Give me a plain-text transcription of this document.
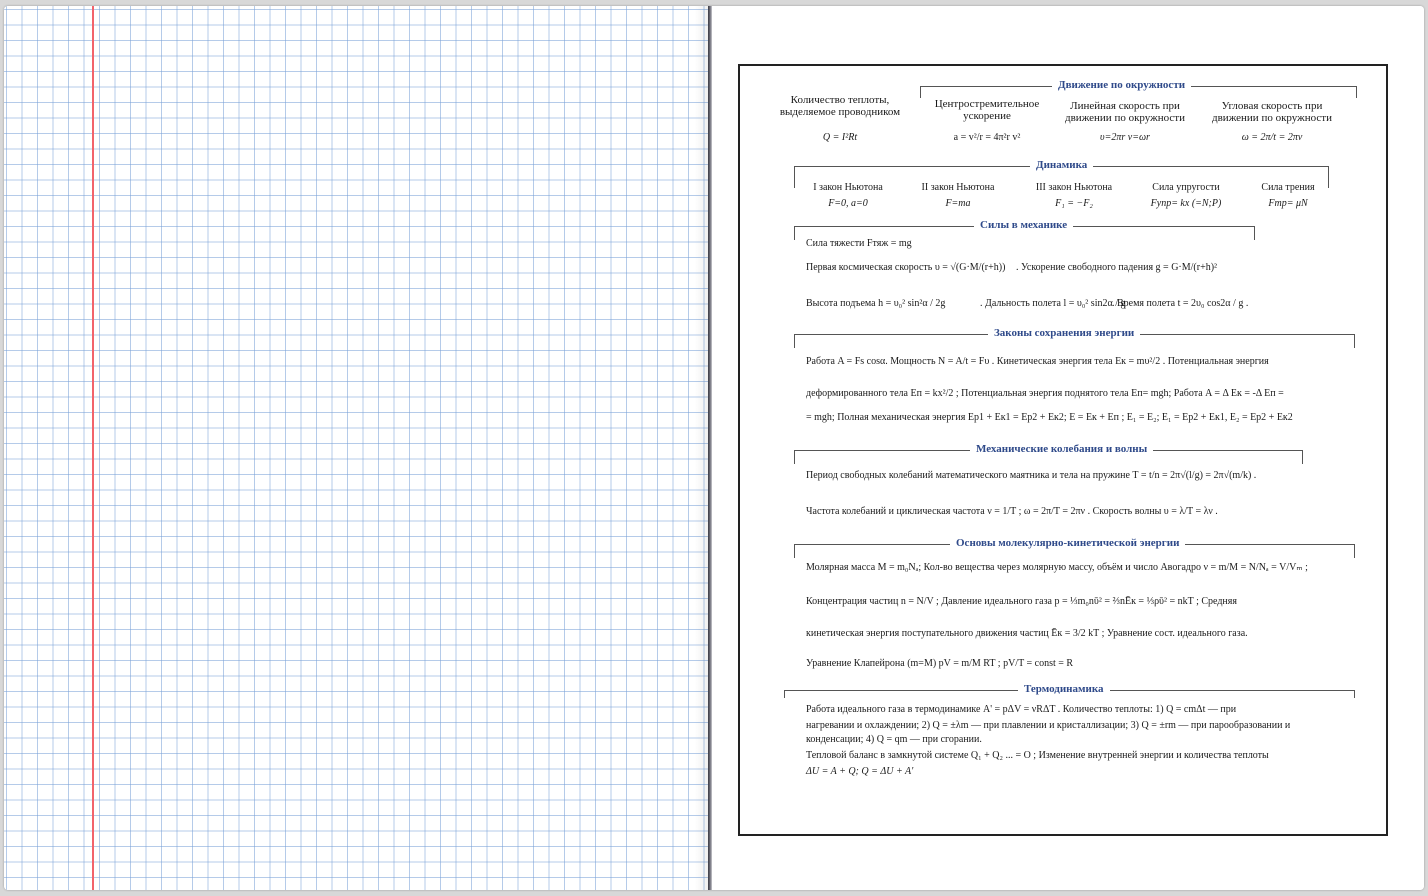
Движение по окружности
Количество теплоты, выделяемое проводником
Q = I²Rt
Центростремительное ускорение
a = v²/r = 4π²r v²
Линейная скорость при движении по окружности
υ=2πr ν=ωr
Угловая скорость при движении по окружности
ω = 2π/t = 2πν
Динамика
I закон Ньютона
F=0, a=0
II закон Ньютона
F=ma
III закон Ньютона
F₁ = −F₂
Сила упругости
Fупр= kx (=N;P)
Сила трения
Fтр= μN
Силы в механике
Сила тяжести Fтяж = mg
Первая космическая скорость υ = √(G·M/(r+h)) . Ускорение свободного падения g = G·M/(r+h)²
Высота подъема h = υ₀² sin²α / 2g	. Дальность полета l = υ₀² sin2α / g
. Время полета t = 2υ₀ cos2α / g .
Законы сохранения энергии
Работа A = Fs cosα. Мощность N = A/t = Fυ . Кинетическая энергия тела Eк = mυ²/2 . Потенциальная энергия
деформированного тела Eп = kx²/2 ; Потенциальная энергия поднятого тела Eп= mgh; Работа A = Δ Eк = -Δ Eп =
= mgh; Полная механическая энергия Eр1 + Eк1 = Eр2 + Eк2; E = Eк + Eп ; E₁ = E₂; E₁ = Eр2 + Eк1, E₂ = Eр2 + Eк2
Механические колебания и волны
Период свободных колебаний математического маятника и тела на пружине T = t/n = 2π√(l/g) = 2π√(m/k) .
Частота колебаний и циклическая частота ν = 1/T ; ω = 2π/T = 2πν . Скорость волны υ = λ/T = λν .
Основы молекулярно-кинетической энергии
Молярная масса M = m₀Nₐ; Кол-во вещества через молярную массу, объём и число Авогадро ν = m/M = N/Nₐ = V/Vₘ ;
Концентрация частиц n = N/V ; Давление идеального газа p = ⅓m₀nῡ² = ⅔nĒк = ⅓ρῡ² = nkT ; Средняя
кинетическая энергия поступательного движения частиц Ēк = 3/2 kT ; Уравнение сост. идеального газа.
Уравнение Клапейрона (m=M) pV = m/M RT ; pV/T = const = R
Термодинамика
Работа идеального газа в термодинамике A' = pΔV = νRΔT . Количество теплоты: 1) Q = cmΔt — при
нагревании и охлаждении; 2) Q = ±λm — при плавлении и кристаллизации; 3) Q = ±rm — при парообразовании и
конденсации; 4) Q = qm — при сгорании.
Тепловой баланс в замкнутой системе Q₁ + Q₂ ... = O ; Изменение внутренней энергии и количества теплоты
ΔU = A + Q; Q = ΔU + A'
